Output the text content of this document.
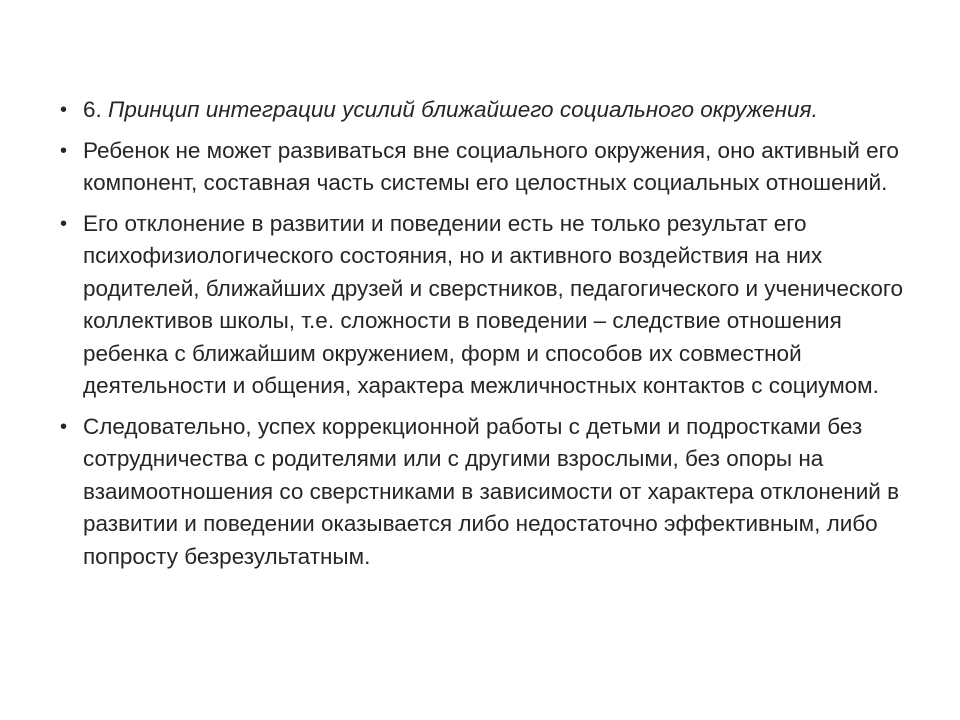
• 6. Принцип интеграции усилий ближайшего социального окружения.
• Ребенок не может развиваться вне социального окружения, оно активный его компонент, составная часть системы его целостных социальных отношений.
• Его отклонение в развитии и поведении есть не только результат его психофизиологического состояния, но и активного воздействия на них родителей, ближайших друзей и сверстников, педагогического и ученического коллективов школы, т.е. сложности в поведении – следствие отношения ребенка с ближайшим окружением, форм и способов их совместной деятельности и общения, характера межличностных контактов с социумом.
• Следовательно, успех коррекционной работы с детьми и подростками без сотрудничества с родителями или с другими взрослыми, без опоры на взаимоотношения со сверстниками в зависимости от характера отклонений в развитии и поведении оказывается либо недостаточно эффективным, либо попросту безрезультатным.
